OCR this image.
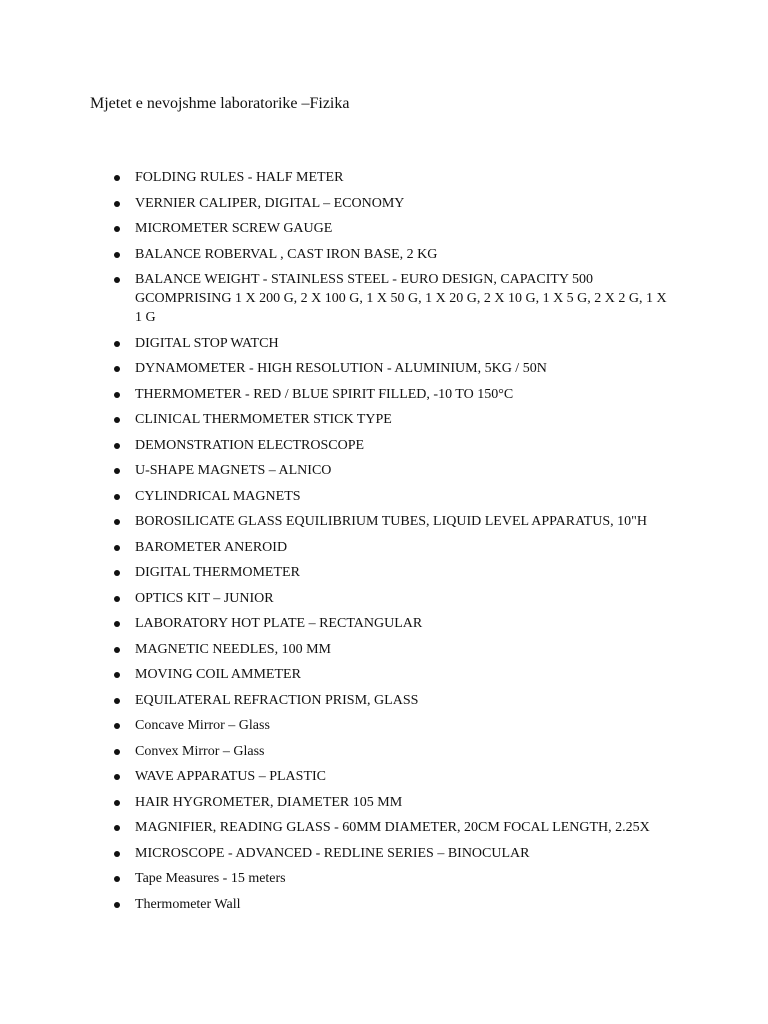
Mjetet e nevojshme laboratorike –Fizika
FOLDING RULES - HALF METER
VERNIER CALIPER, DIGITAL – ECONOMY
MICROMETER SCREW GAUGE
BALANCE ROBERVAL , CAST IRON BASE, 2 KG
BALANCE WEIGHT - STAINLESS STEEL - EURO DESIGN, CAPACITY 500 GCOMPRISING 1 X 200 G, 2 X 100 G, 1 X 50 G, 1 X 20 G, 2 X 10 G, 1 X 5 G, 2 X 2 G, 1 X 1 G
DIGITAL STOP WATCH
DYNAMOMETER - HIGH RESOLUTION - ALUMINIUM, 5KG / 50N
THERMOMETER - RED / BLUE SPIRIT FILLED, -10 TO 150°C
CLINICAL THERMOMETER STICK TYPE
DEMONSTRATION ELECTROSCOPE
U-SHAPE MAGNETS – ALNICO
CYLINDRICAL MAGNETS
BOROSILICATE GLASS EQUILIBRIUM TUBES, LIQUID LEVEL APPARATUS, 10"H
BAROMETER ANEROID
DIGITAL THERMOMETER
OPTICS KIT – JUNIOR
LABORATORY HOT PLATE – RECTANGULAR
MAGNETIC NEEDLES, 100 MM
MOVING COIL AMMETER
EQUILATERAL REFRACTION PRISM, GLASS
Concave Mirror – Glass
Convex Mirror – Glass
WAVE APPARATUS – PLASTIC
HAIR HYGROMETER, DIAMETER 105 MM
MAGNIFIER, READING GLASS - 60MM DIAMETER, 20CM FOCAL LENGTH, 2.25X
MICROSCOPE - ADVANCED - REDLINE SERIES – BINOCULAR
Tape Measures - 15 meters
Thermometer Wall
